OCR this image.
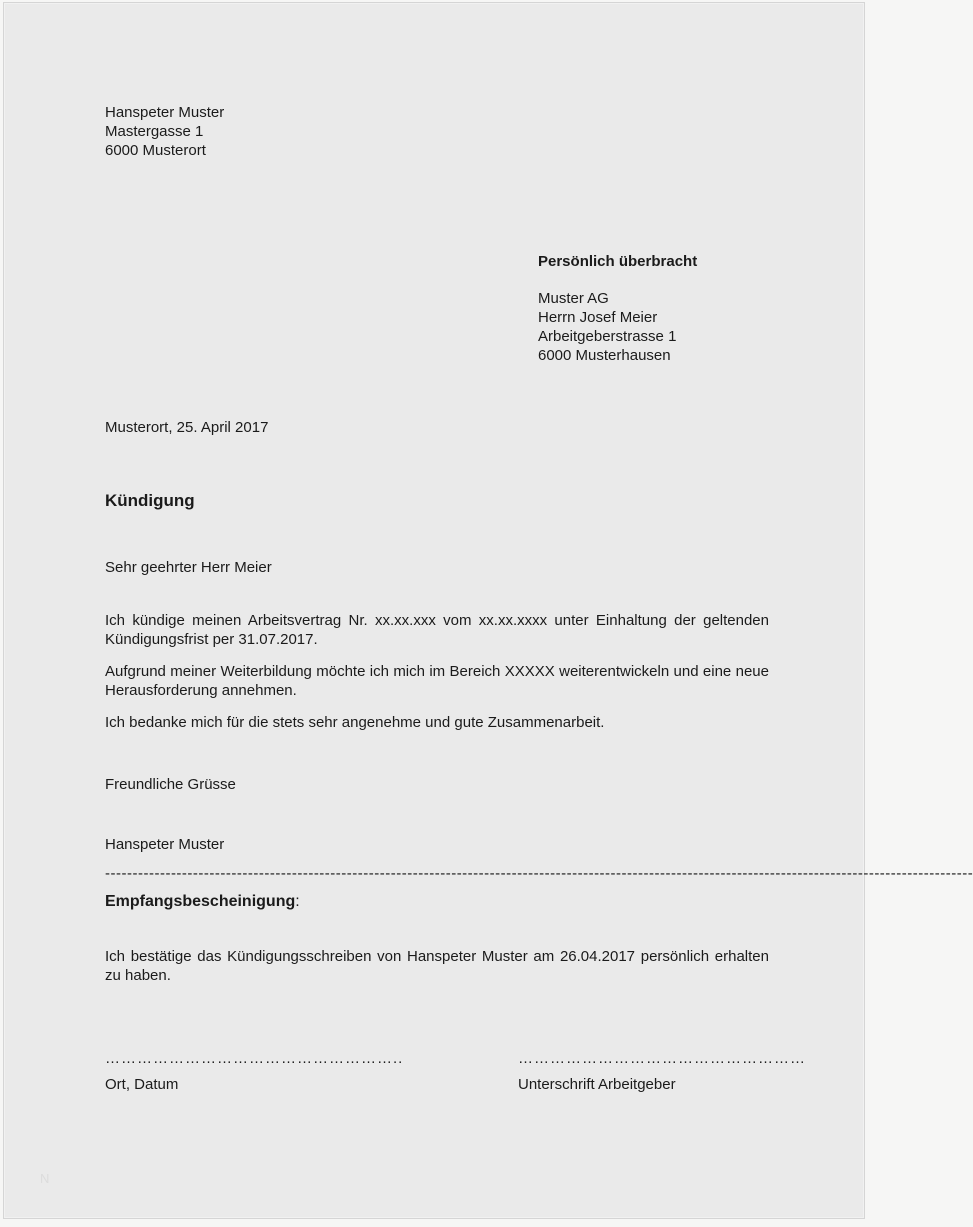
Hanspeter Muster
Mastergasse 1
6000 Musterort
Persönlich überbracht
Muster AG
Herrn Josef Meier
Arbeitgeberstrasse 1
6000 Musterhausen
Musterort, 25. April 2017
Kündigung
Sehr geehrter Herr Meier

Ich kündige meinen Arbeitsvertrag Nr. xx.xx.xxx vom xx.xx.xxxx unter Einhaltung der geltenden Kündigungsfrist per 31.07.2017.

Aufgrund meiner Weiterbildung möchte ich mich im Bereich XXXXX weiterentwickeln und eine neue Herausforderung annehmen.

Ich bedanke mich für die stets sehr angenehme und gute Zusammenarbeit.

Freundliche Grüsse
Hanspeter Muster
--------------------------------------------------------------------------------------------------------------------------------------------------------------
Empfangsbescheinigung:

Ich bestätige das Kündigungsschreiben von Hanspeter Muster am 26.04.2017 persönlich erhalten zu haben.

………………………………………………..	………………………………………………
Ort, Datum	Unterschrift Arbeitgeber
N
